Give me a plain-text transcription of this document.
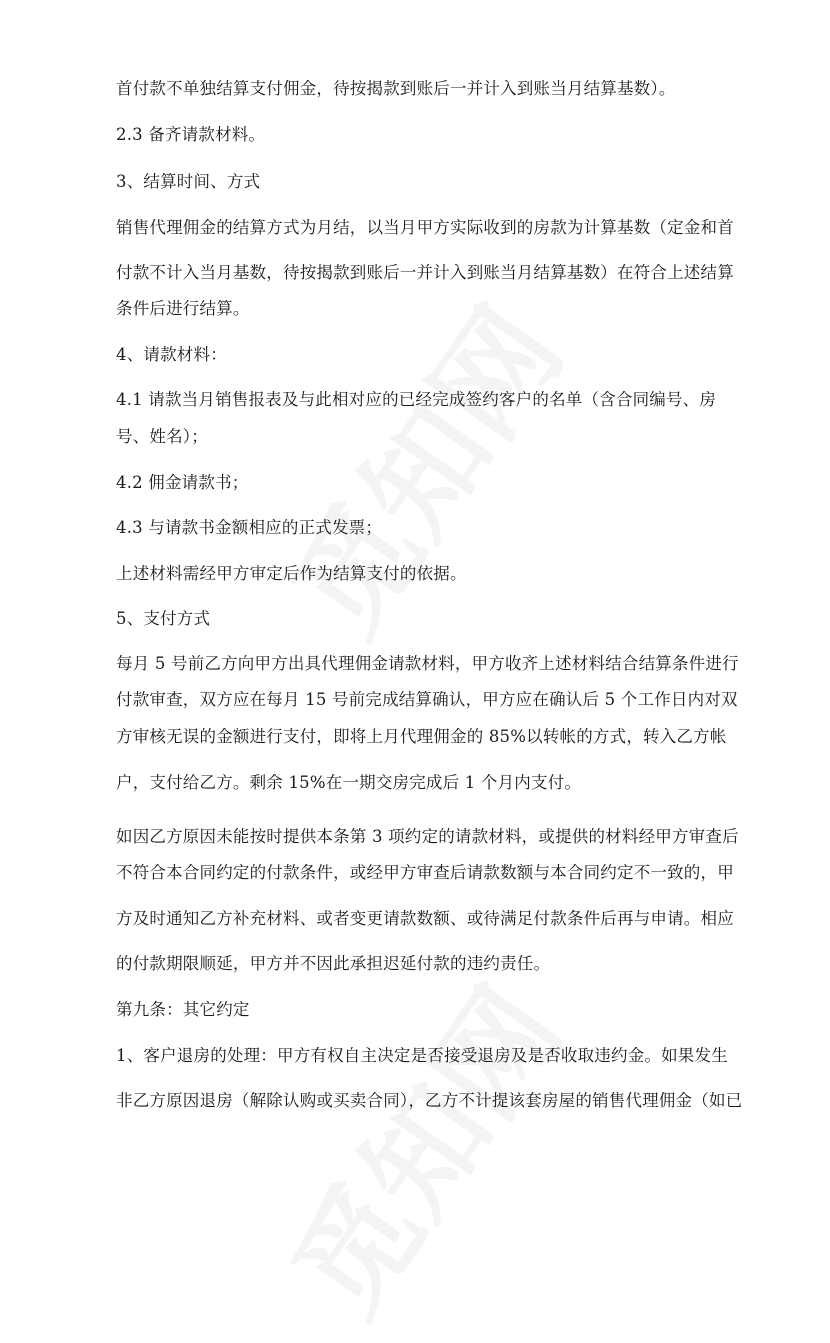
首付款不单独结算支付佣金，待按揭款到账后一并计入到账当月结算基数）。
2.3 备齐请款材料。
3、结算时间、方式
销售代理佣金的结算方式为月结，以当月甲方实际收到的房款为计算基数（定金和首
付款不计入当月基数，待按揭款到账后一并计入到账当月结算基数）在符合上述结算
条件后进行结算。
4、请款材料：
4.1 请款当月销售报表及与此相对应的已经完成签约客户的名单（含合同编号、房
号、姓名）；
4.2 佣金请款书；
4.3 与请款书金额相应的正式发票；
上述材料需经甲方审定后作为结算支付的依据。
5、支付方式
每月 5 号前乙方向甲方出具代理佣金请款材料，甲方收齐上述材料结合结算条件进行
付款审查，双方应在每月 15 号前完成结算确认，甲方应在确认后 5 个工作日内对双
方审核无误的金额进行支付，即将上月代理佣金的 85%以转帐的方式，转入乙方帐
户，支付给乙方。剩余 15%在一期交房完成后 1 个月内支付。
如因乙方原因未能按时提供本条第 3 项约定的请款材料，或提供的材料经甲方审查后
不符合本合同约定的付款条件，或经甲方审查后请款数额与本合同约定不一致的，甲
方及时通知乙方补充材料、或者变更请款数额、或待满足付款条件后再与申请。相应
的付款期限顺延，甲方并不因此承担迟延付款的违约责任。
第九条：其它约定
1、客户退房的处理：甲方有权自主决定是否接受退房及是否收取违约金。如果发生
非乙方原因退房（解除认购或买卖合同），乙方不计提该套房屋的销售代理佣金（如已
